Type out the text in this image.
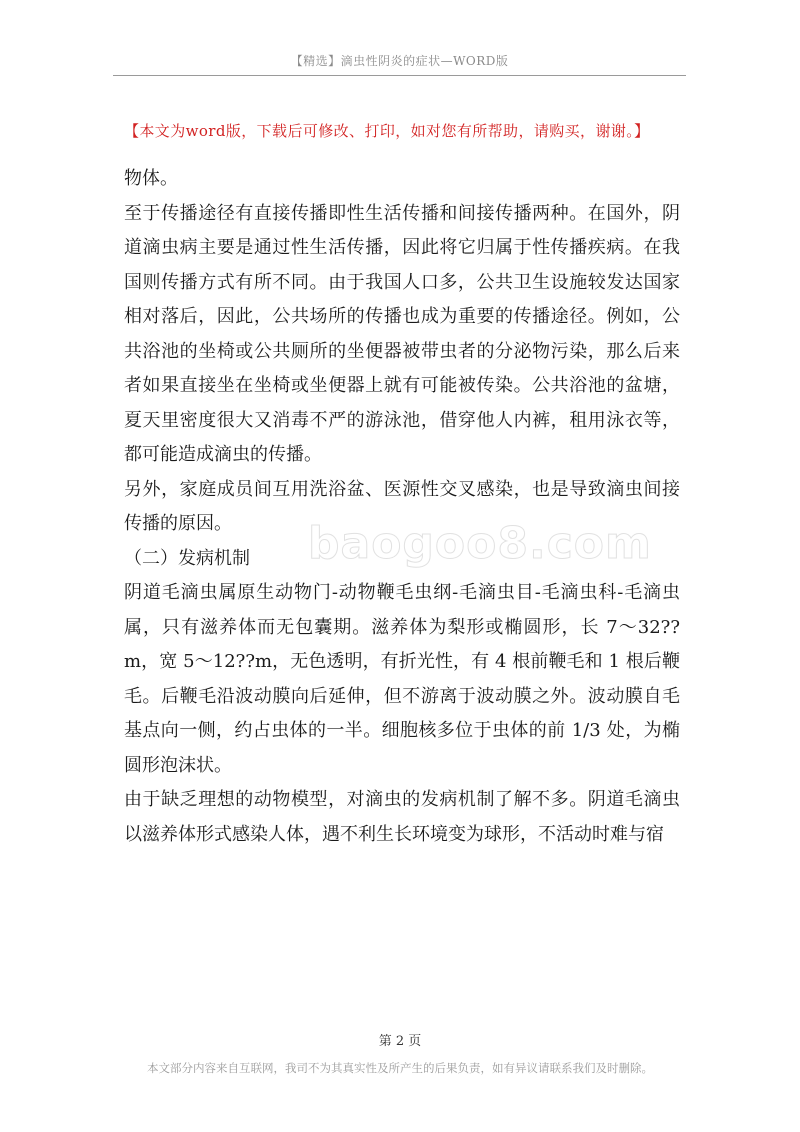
【精选】滴虫性阴炎的症状—WORD版
【本文为word版，下载后可修改、打印，如对您有所帮助，请购买，谢谢。】

物体。

至于传播途径有直接传播即性生活传播和间接传播两种。在国外，阴道滴虫病主要是通过性生活传播，因此将它归属于性传播疾病。在我国则传播方式有所不同。由于我国人口多，公共卫生设施较发达国家相对落后，因此，公共场所的传播也成为重要的传播途径。例如，公共浴池的坐椅或公共厕所的坐便器被带虫者的分泌物污染，那么后来者如果直接坐在坐椅或坐便器上就有可能被传染。公共浴池的盆塘，夏天里密度很大又消毒不严的游泳池，借穿他人内裤，租用泳衣等，都可能造成滴虫的传播。

另外，家庭成员间互用洗浴盆、医源性交叉感染，也是导致滴虫间接传播的原因。

（二）发病机制

阴道毛滴虫属原生动物门-动物鞭毛虫纲-毛滴虫目-毛滴虫科-毛滴虫属，只有滋养体而无包囊期。滋养体为梨形或椭圆形，长 7～32??m，宽 5～12??m，无色透明，有折光性，有 4 根前鞭毛和 1 根后鞭毛。后鞭毛沿波动膜向后延伸，但不游离于波动膜之外。波动膜自毛基点向一侧，约占虫体的一半。细胞核多位于虫体的前 1/3 处，为椭圆形泡沫状。

由于缺乏理想的动物模型，对滴虫的发病机制了解不多。阴道毛滴虫以滋养体形式感染人体，遇不利生长环境变为球形，不活动时难与宿

baogoo8.com
第 2 页
本文部分内容来自互联网，我司不为其真实性及所产生的后果负责，如有异议请联系我们及时删除。
